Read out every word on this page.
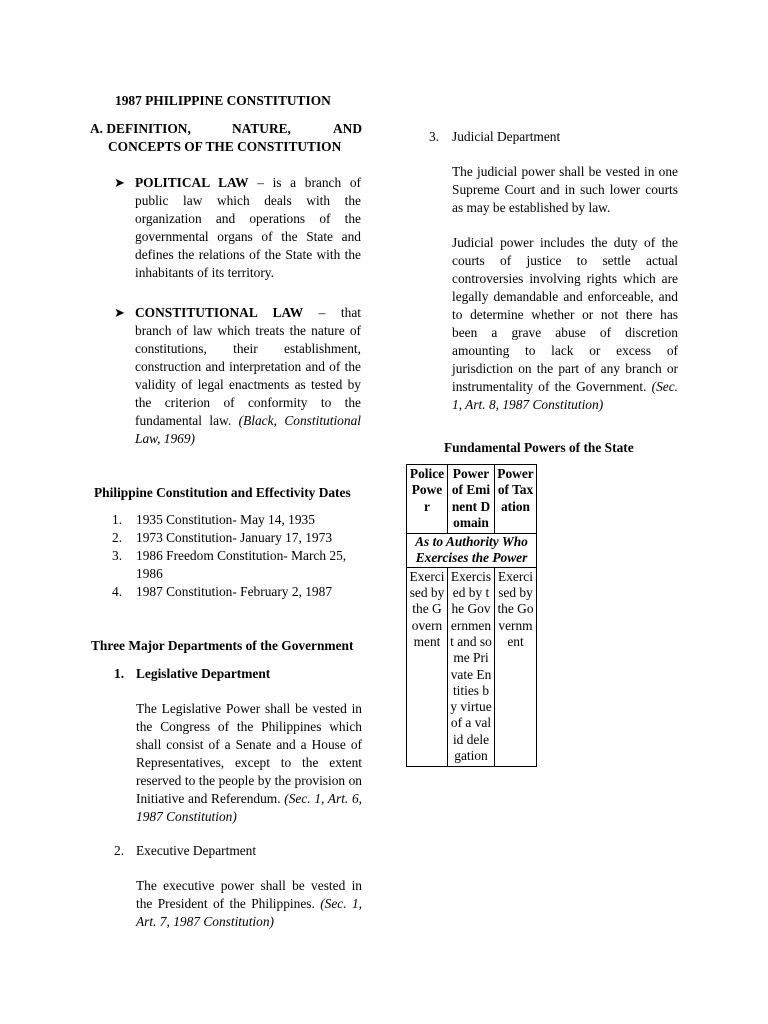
1987 PHILIPPINE CONSTITUTION
A. DEFINITION,	NATURE,	AND
CONCEPTS OF THE CONSTITUTION
➤ POLITICAL LAW – is a branch of public law which deals with the organization and operations of the governmental organs of the State and defines the relations of the State with the inhabitants of its territory.
➤ CONSTITUTIONAL LAW – that branch of law which treats the nature of constitutions, their establishment, construction and interpretation and of the validity of legal enactments as tested by the criterion of conformity to the fundamental law. (Black, Constitutional Law, 1969)
Philippine Constitution and Effectivity Dates
1. 1935 Constitution- May 14, 1935
2. 1973 Constitution- January 17, 1973
3. 1986 Freedom Constitution- March 25, 1986
4. 1987 Constitution- February 2, 1987
Three Major Departments of the Government
1. Legislative Department
The Legislative Power shall be vested in the Congress of the Philippines which shall consist of a Senate and a House of Representatives, except to the extent reserved to the people by the provision on Initiative and Referendum. (Sec. 1, Art. 6, 1987 Constitution)
2. Executive Department
The executive power shall be vested in the President of the Philippines. (Sec. 1, Art. 7, 1987 Constitution)
3. Judicial Department
The judicial power shall be vested in one Supreme Court and in such lower courts as may be established by law.
Judicial power includes the duty of the courts of justice to settle actual controversies involving rights which are legally demandable and enforceable, and to determine whether or not there has been a grave abuse of discretion amounting to lack or excess of jurisdiction on the part of any branch or instrumentality of the Government. (Sec. 1, Art. 8, 1987 Constitution)
Fundamental Powers of the State
Police Power	Power of Eminent Domain	Power of Taxation
As to Authority Who Exercises the Power		
Exercised by the Government	Exercised by the Government and some Private Entities by virtue of a valid delegation	Exercised by the Government
